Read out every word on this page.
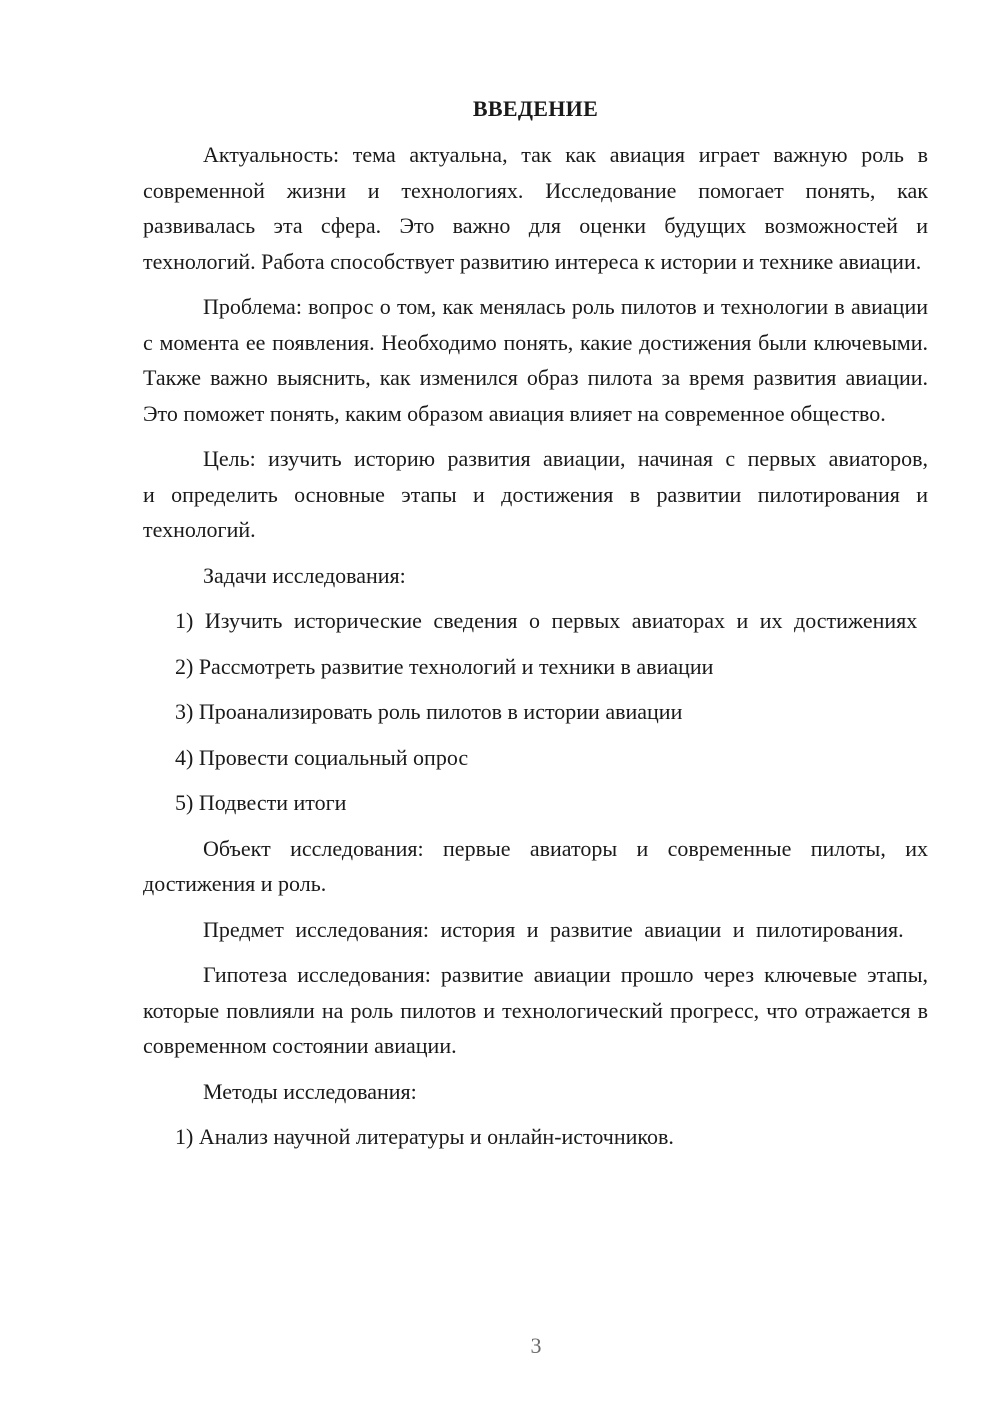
ВВЕДЕНИЕ

Актуальность: тема актуальна, так как авиация играет важную роль в современной жизни и технологиях. Исследование помогает понять, как развивалась эта сфера. Это важно для оценки будущих возможностей и технологий. Работа способствует развитию интереса к истории и технике авиации.

Проблема: вопрос о том, как менялась роль пилотов и технологии в авиации с момента ее появления. Необходимо понять, какие достижения были ключевыми. Также важно выяснить, как изменился образ пилота за время развития авиации. Это поможет понять, каким образом авиация влияет на современное общество.

Цель: изучить историю развития авиации, начиная с первых авиаторов, и определить основные этапы и достижения в развитии пилотирования и технологий.

Задачи исследования:

1) Изучить исторические сведения о первых авиаторах и их достижениях

2) Рассмотреть развитие технологий и техники в авиации

3) Проанализировать роль пилотов в истории авиации

4) Провести социальный опрос

5) Подвести итоги

Объект исследования: первые авиаторы и современные пилоты, их достижения и роль.

Предмет исследования: история и развитие авиации и пилотирования.

Гипотеза исследования: развитие авиации прошло через ключевые этапы, которые повлияли на роль пилотов и технологический прогресс, что отражается в современном состоянии авиации.

Методы исследования:

1) Анализ научной литературы и онлайн-источников.

3
